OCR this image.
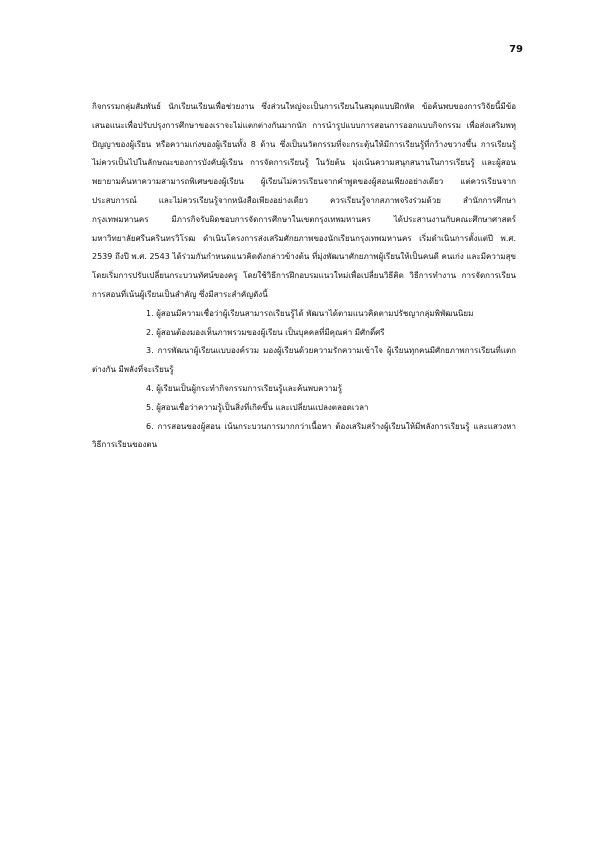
79

กิจกรรมกลุ่มสัมพันธ์ นักเรียนเรียนเพื่อช่วยงาน ซึ่งส่วนใหญ่จะเป็นการเรียนในสมุดแบบฝึกหัด ข้อค้นพบของการวิจัยนี้มีข้อเสนอแนะเพื่อปรับปรุงการศึกษาของเราจะไม่แตกต่างกันมากนัก การนำรูปแบบการสอนการออกแบบกิจกรรม เพื่อส่งเสริมพหุปัญญาของผู้เรียน หรือความเก่งของผู้เรียนทั้ง 8 ด้าน ซึ่งเป็นนวัตกรรมที่จะกระตุ้นให้มีการเรียนรู้ที่กว้างขวางขึ้น การเรียนรู้ไม่ควรเป็นไปในลักษณะของการบังคับผู้เรียน การจัดการเรียนรู้ ในวัยต้น มุ่งเน้นความสนุกสนานในการเรียนรู้ และผู้สอนพยายามค้นหาความสามารถพิเศษของผู้เรียน ผู้เรียนไม่ควรเรียนจากคำพูดของผู้สอนเพียงอย่างเดียว แต่ควรเรียนจากประสบการณ์ และไม่ควรเรียนรู้จากหนังสือเพียงอย่างเดียว ควรเรียนรู้จากสภาพจริงร่วมด้วย สำนักการศึกษา กรุงเทพมหานคร มีภารกิจรับผิดชอบการจัดการศึกษาในเขตกรุงเทพมหานคร ได้ประสานงานกับคณะศึกษาศาสตร์ มหาวิทยาลัยศรีนครินทรวิโรฒ ดำเนินโครงการส่งเสริมศักยภาพของนักเรียนกรุงเทพมหานคร เริ่มดำเนินการตั้งแต่ปี พ.ศ. 2539 ถึงปี พ.ศ. 2543 ได้ร่วมกันกำหนดแนวคิดดังกล่าวข้างต้น ที่มุ่งพัฒนาศักยภาพผู้เรียนให้เป็นคนดี คนเก่ง และมีความสุข โดยเริ่มการปรับเปลี่ยนกระบวนทัศน์ของครู โดยใช้วิธีการฝึกอบรมแนวใหม่เพื่อเปลี่ยนวิธีคิด วิธีการทำงาน การจัดการเรียนการสอนที่เน้นผู้เรียนเป็นสำคัญ ซึ่งมีสาระสำคัญดังนี้

1. ผู้สอนมีความเชื่อว่าผู้เรียนสามารถเรียนรู้ได้ พัฒนาได้ตามแนวคิดตามปรัชญากลุ่มพิพัฒนนิยม

2. ผู้สอนต้องมองเห็นภาพรวมของผู้เรียน เป็นบุคคลที่มีคุณค่า มีศักดิ์ศรี

3. การพัฒนาผู้เรียนแบบองค์รวม มองผู้เรียนด้วยความรักความเข้าใจ ผู้เรียนทุกคนมีศักยภาพการเรียนที่แตกต่างกัน มีพลังที่จะเรียนรู้

4. ผู้เรียนเป็นผู้กระทำกิจกรรมการเรียนรู้และค้นพบความรู้

5. ผู้สอนเชื่อว่าความรู้เป็นสิ่งที่เกิดขึ้น และเปลี่ยนแปลงตลอดเวลา

6. การสอนของผู้สอน เน้นกระบวนการมากกว่าเนื้อหา ต้องเสริมสร้างผู้เรียนให้มีพลังการเรียนรู้ และแสวงหาวิธีการเรียนของตน
